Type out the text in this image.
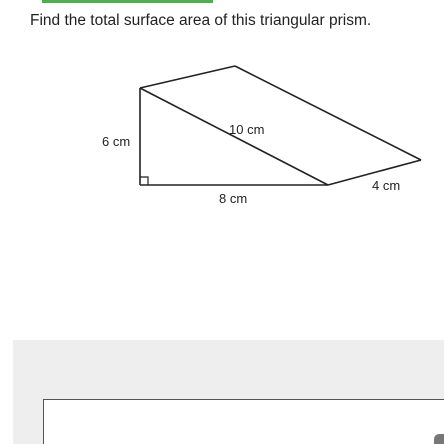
Find the total surface area of this triangular prism.
6 cm
10 cm
8 cm
4 cm
